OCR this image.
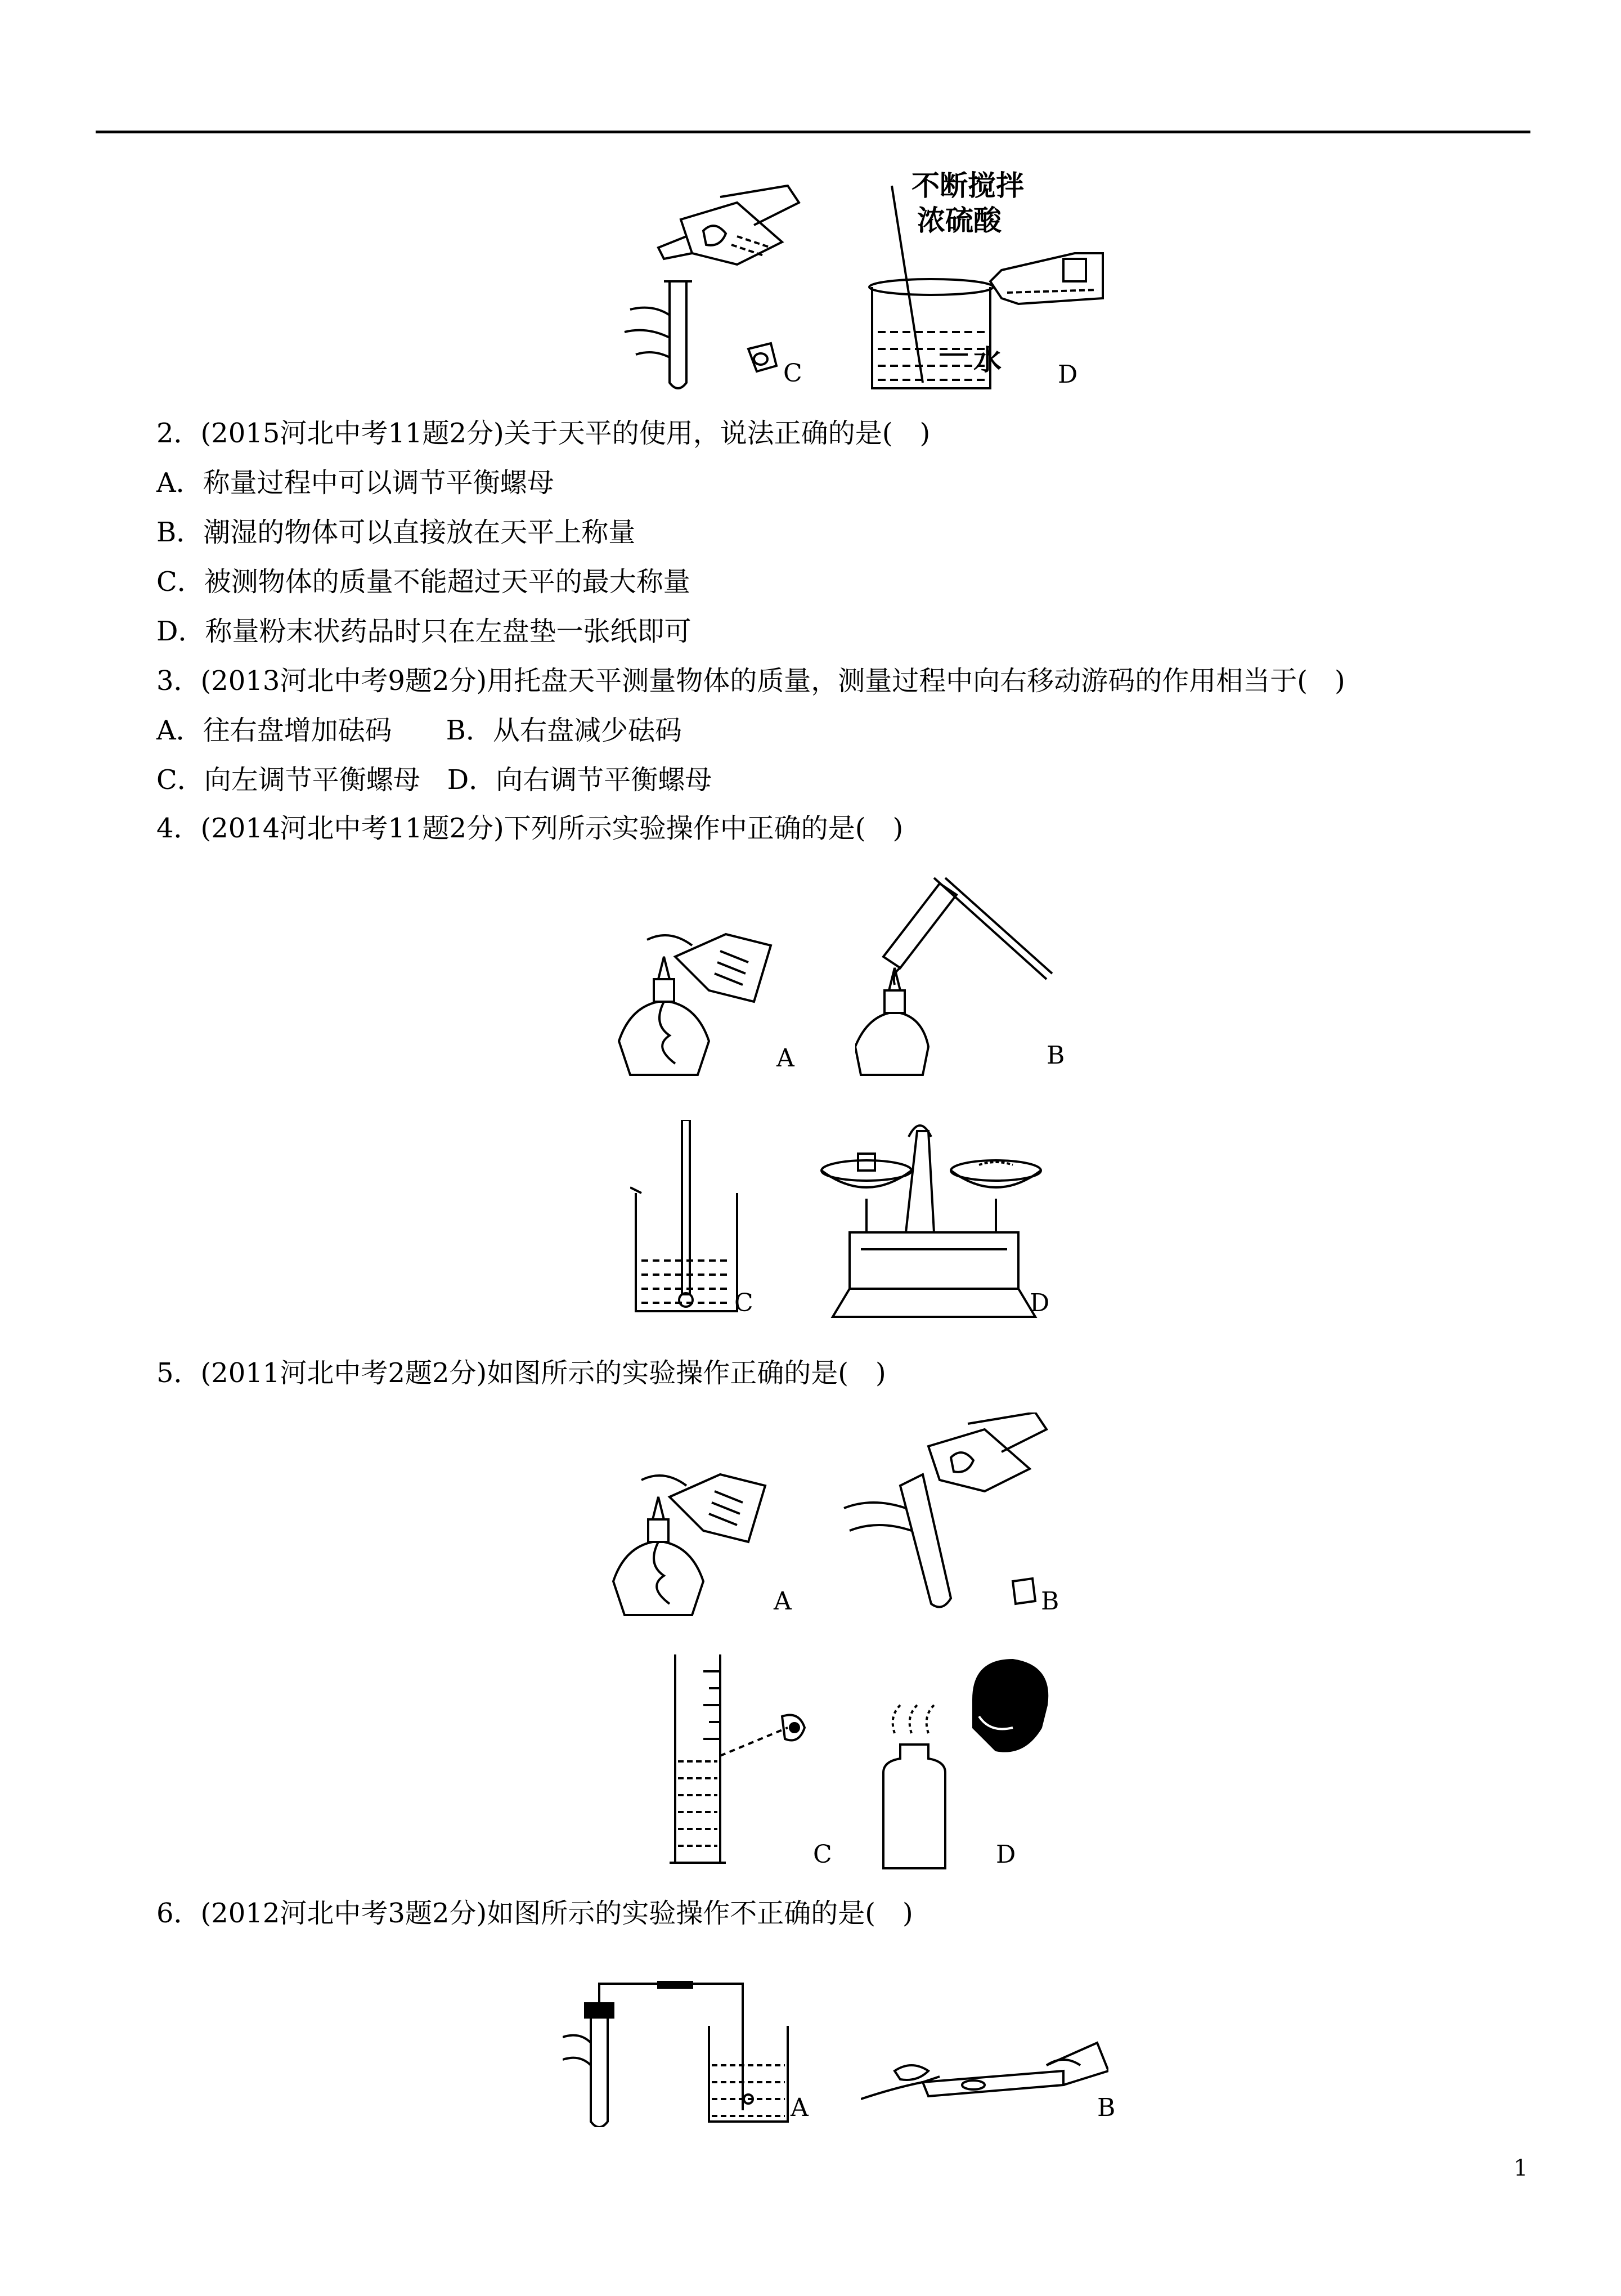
C
不断搅拌
浓硫酸
水 D
2．(2015河北中考11题2分)关于天平的使用，说法正确的是(　)
A．称量过程中可以调节平衡螺母
B．潮湿的物体可以直接放在天平上称量
C．被测物体的质量不能超过天平的最大称量
D．称量粉末状药品时只在左盘垫一张纸即可
3．(2013河北中考9题2分)用托盘天平测量物体的质量，测量过程中向右移动游码的作用相当于(　)
A．往右盘增加砝码　　B．从右盘减少砝码
C．向左调节平衡螺母　D．向右调节平衡螺母
4．(2014河北中考11题2分)下列所示实验操作中正确的是(　)
A	B
C	D
5．(2011河北中考2题2分)如图所示的实验操作正确的是(　)
A	B
C	D
6．(2012河北中考3题2分)如图所示的实验操作不正确的是(　)
A	B
1
